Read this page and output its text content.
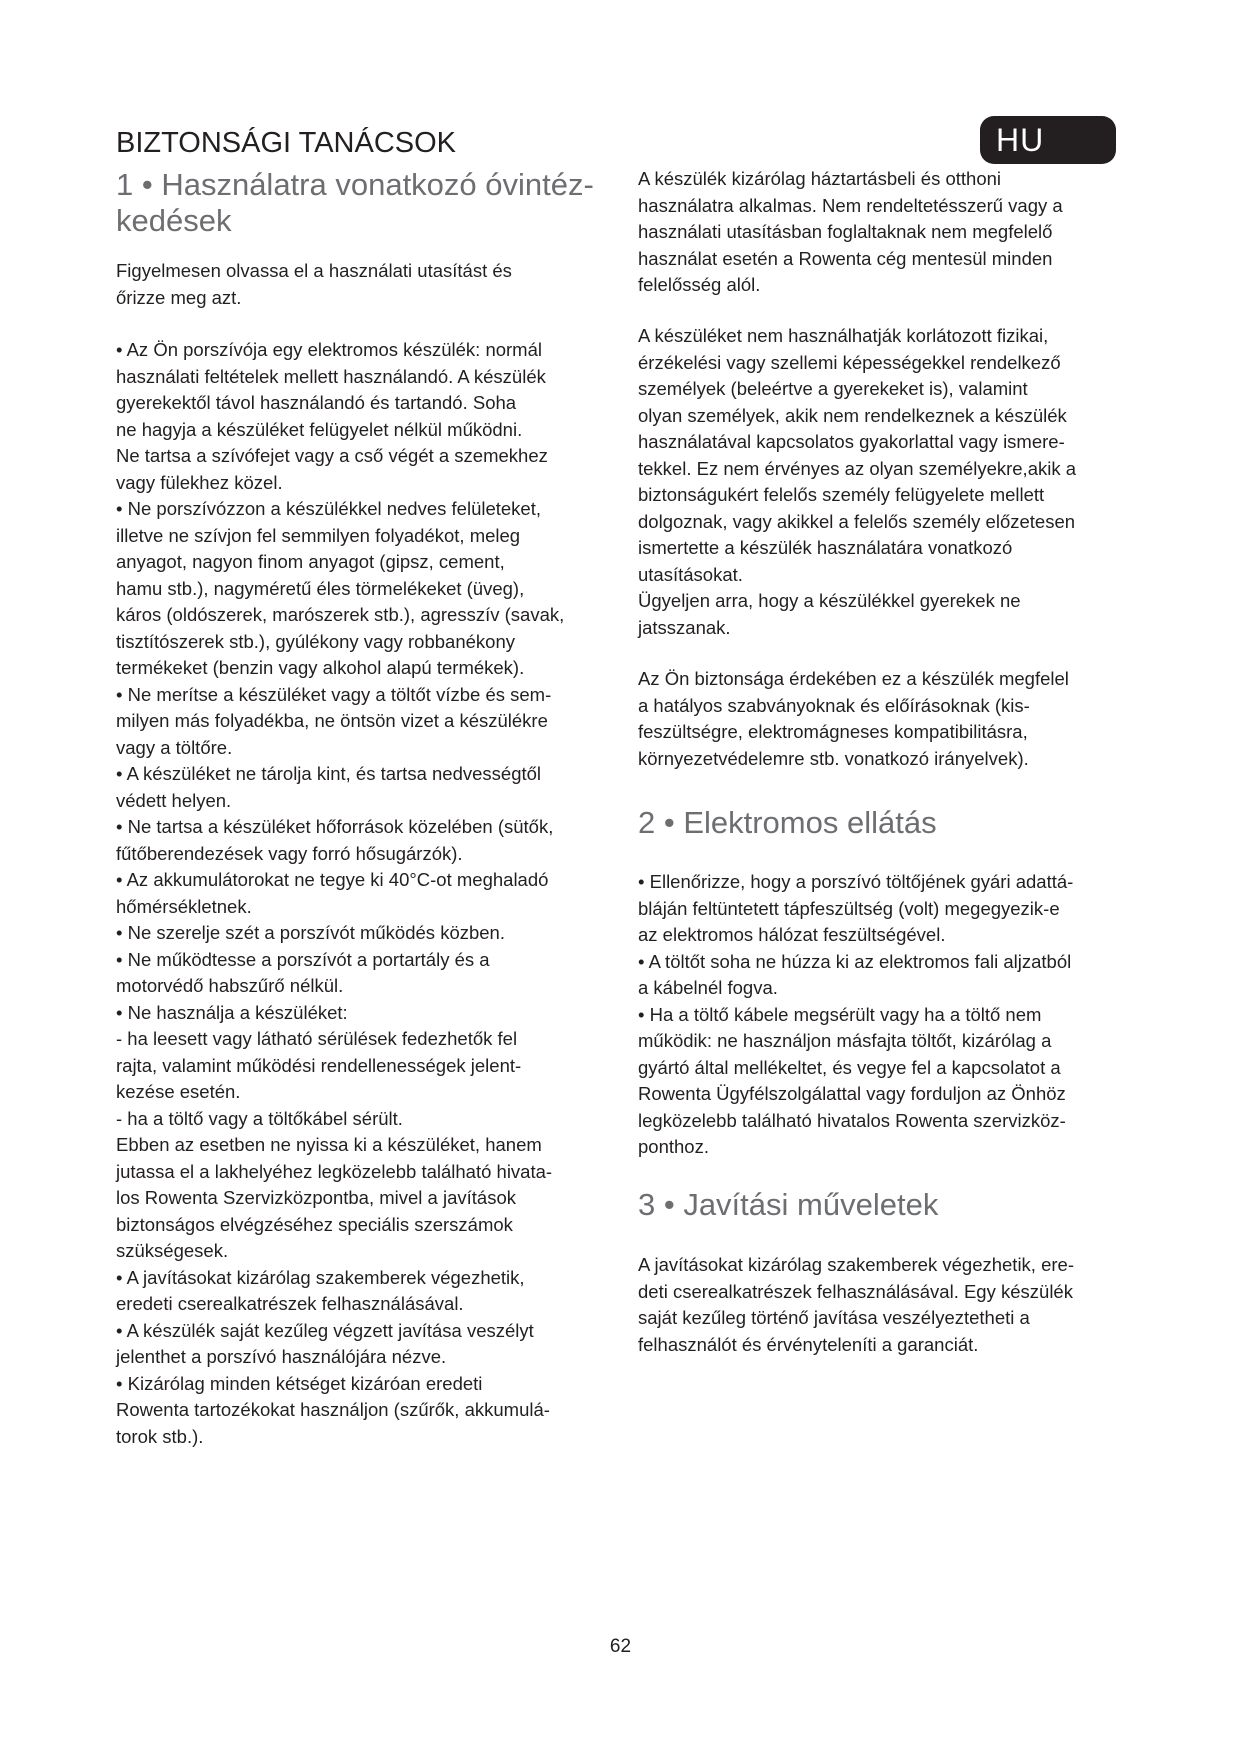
HU
BIZTONSÁGI TANÁCSOK
1 • Használatra vonatkozó óvintéz-
kedések
Figyelmesen olvassa el a használati utasítást és
őrizze meg azt.
• Az Ön porszívója egy elektromos készülék: normál
használati feltételek mellett használandó. A készülék
gyerekektől távol használandó és tartandó. Soha
ne hagyja a készüléket felügyelet nélkül működni.
Ne tartsa a szívófejet vagy a cső végét a szemekhez
vagy fülekhez közel.
• Ne porszívózzon a készülékkel nedves felületeket,
illetve ne szívjon fel semmilyen folyadékot, meleg
anyagot, nagyon finom anyagot (gipsz, cement,
hamu stb.), nagyméretű éles törmelékeket (üveg),
káros (oldószerek, marószerek stb.), agresszív (savak,
tisztítószerek stb.), gyúlékony vagy robbanékony
termékeket (benzin vagy alkohol alapú termékek).
• Ne merítse a készüléket vagy a töltőt vízbe és sem-
milyen más folyadékba, ne öntsön vizet a készülékre
vagy a töltőre.
• A készüléket ne tárolja kint, és tartsa nedvességtől
védett helyen.
• Ne tartsa a készüléket hőforrások közelében (sütők,
fűtőberendezések vagy forró hősugárzók).
• Az akkumulátorokat ne tegye ki 40°C-ot meghaladó
hőmérsékletnek.
• Ne szerelje szét a porszívót működés közben.
• Ne működtesse a porszívót a portartály és a
motorvédő habszűrő nélkül.
• Ne használja a készüléket:
- ha leesett vagy látható sérülések fedezhetők fel
rajta, valamint működési rendellenességek jelent-
kezése esetén.
- ha a töltő vagy a töltőkábel sérült.
Ebben az esetben ne nyissa ki a készüléket, hanem
jutassa el a lakhelyéhez legközelebb található hivata-
los Rowenta Szervizközpontba, mivel a javítások
biztonságos elvégzéséhez speciális szerszámok
szükségesek.
• A javításokat kizárólag szakemberek végezhetik,
eredeti cserealkatrészek felhasználásával.
• A készülék saját kezűleg végzett javítása veszélyt
jelenthet a porszívó használójára nézve.
• Kizárólag minden kétséget kizáróan eredeti
Rowenta tartozékokat használjon (szűrők, akkumulá-
torok stb.).
A készülék kizárólag háztartásbeli és otthoni
használatra alkalmas. Nem rendeltetésszerű vagy a
használati utasításban foglaltaknak nem megfelelő
használat esetén a Rowenta cég mentesül minden
felelősség alól.
A készüléket nem használhatják korlátozott fizikai,
érzékelési vagy szellemi képességekkel rendelkező
személyek (beleértve a gyerekeket is), valamint
olyan személyek, akik nem rendelkeznek a készülék
használatával kapcsolatos gyakorlattal vagy ismere-
tekkel. Ez nem érvényes az olyan személyekre,akik a
biztonságukért felelős személy felügyelete mellett
dolgoznak, vagy akikkel a felelős személy előzetesen
ismertette a készülék használatára vonatkozó
utasításokat.
Ügyeljen arra, hogy a készülékkel gyerekek ne
jatsszanak.
Az Ön biztonsága érdekében ez a készülék megfelel
a hatályos szabványoknak és előírásoknak (kis-
feszültségre, elektromágneses kompatibilitásra,
környezetvédelemre stb. vonatkozó irányelvek).
2 • Elektromos ellátás
• Ellenőrizze, hogy a porszívó töltőjének gyári adattá-
bláján feltüntetett tápfeszültség (volt) megegyezik-e
az elektromos hálózat feszültségével.
• A töltőt soha ne húzza ki az elektromos fali aljzatból
a kábelnél fogva.
• Ha a töltő kábele megsérült vagy ha a töltő nem
működik: ne használjon másfajta töltőt, kizárólag a
gyártó által mellékeltet, és vegye fel a kapcsolatot a
Rowenta Ügyfélszolgálattal vagy forduljon az Önhöz
legközelebb található hivatalos Rowenta szervizköz-
ponthoz.
3 • Javítási műveletek
A javításokat kizárólag szakemberek végezhetik, ere-
deti cserealkatrészek felhasználásával. Egy készülék
saját kezűleg történő javítása veszélyeztetheti a
felhasználót és érvényteleníti a garanciát.
62
